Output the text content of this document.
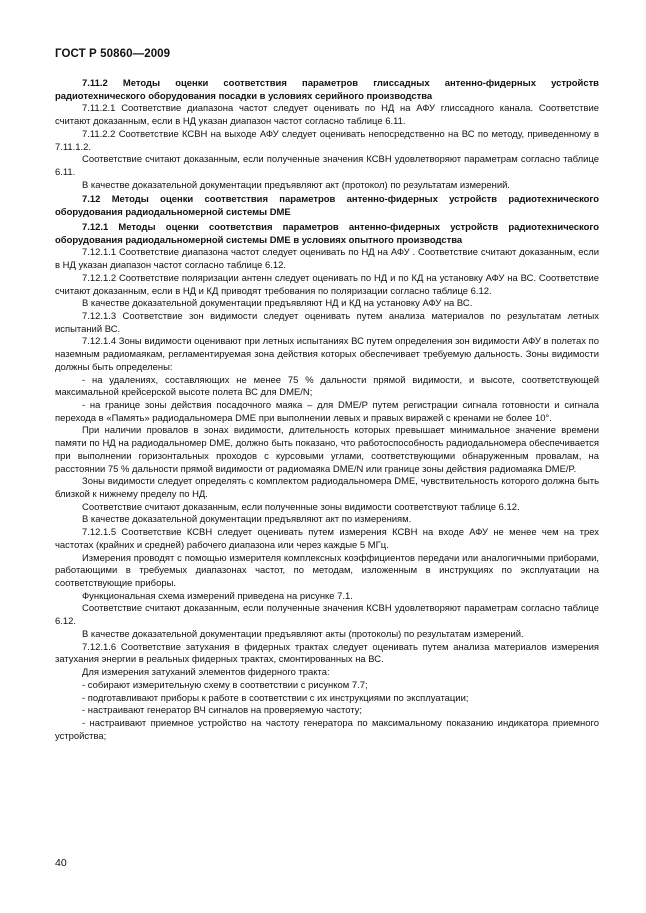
ГОСТ Р 50860—2009

7.11.2 Методы оценки соответствия параметров глиссадных антенно-фидерных устройств радиотехнического оборудования посадки в условиях серийного производства

7.11.2.1 Соответствие диапазона частот следует оценивать по НД на АФУ глиссадного канала. Соответствие считают доказанным, если в НД указан диапазон частот согласно таблице 6.11.

7.11.2.2 Соответствие КСВН на выходе АФУ следует оценивать непосредственно на ВС по методу, приведенному в 7.11.1.2.

Соответствие считают доказанным, если полученные значения КСВН удовлетворяют параметрам согласно таблице 6.11.

В качестве доказательной документации предъявляют акт (протокол) по результатам измерений.

7.12 Методы оценки соответствия параметров антенно-фидерных устройств радиотехнического оборудования радиодальномерной системы DME

7.12.1 Методы оценки соответствия параметров антенно-фидерных устройств радиотехнического оборудования радиодальномерной системы DME в условиях опытного производства

7.12.1.1 Соответствие диапазона частот следует оценивать по НД на АФУ . Соответствие считают доказанным, если в НД указан диапазон частот согласно таблице 6.12.

7.12.1.2 Соответствие поляризации антенн следует оценивать по НД и по КД на установку АФУ на ВС. Соответствие считают доказанным, если в НД и КД приводят требования по поляризации согласно таблице 6.12.

В качестве доказательной документации предъявляют НД и КД на установку АФУ на ВС.

7.12.1.3 Соответствие зон видимости следует оценивать путем анализа материалов по результатам летных испытаний ВС.

7.12.1.4 Зоны видимости оценивают при летных испытаниях ВС путем определения зон видимости АФУ в полетах по наземным радиомаякам, регламентируемая зона действия которых обеспечивает требуемую дальность. Зоны видимости должны быть определены:

- на удалениях, составляющих не менее 75 % дальности прямой видимости, и высоте, соответствующей максимальной крейсерской высоте полета ВС для DME/N;

- на границе зоны действия посадочного маяка – для DME/P путем регистрации сигнала готовности и сигнала перехода в «Память» радиодальномера DME при выполнении левых и правых виражей с кренами не более 10°.

При наличии провалов в зонах видимости, длительность которых превышает минимальное значение времени памяти по НД на радиодальномер DME, должно быть показано, что работоспособность радиодальномера обеспечивается при выполнении горизонтальных проходов с курсовыми углами, соответствующими обнаруженным провалам, на расстоянии 75 % дальности прямой видимости от радиомаяка DME/N или границе зоны действия радиомаяка DME/P.

Зоны видимости следует определять с комплектом радиодальномера DME, чувствительность которого должна быть близкой к нижнему пределу по НД.

Соответствие считают доказанным, если полученные зоны видимости соответствуют таблице 6.12.

В качестве доказательной документации предъявляют акт по измерениям.

7.12.1.5 Соответствие КСВН следует оценивать путем измерения КСВН на входе АФУ не менее чем на трех частотах (крайних и средней) рабочего диапазона или через каждые 5 МГц.

Измерения проводят с помощью измерителя комплексных коэффициентов передачи или аналогичными приборами, работающими в требуемых диапазонах частот, по методам, изложенным в инструкциях по эксплуатации на соответствующие приборы.

Функциональная схема измерений приведена на рисунке 7.1.

Соответствие считают доказанным, если полученные значения КСВН удовлетворяют параметрам согласно таблице 6.12.

В качестве доказательной документации предъявляют акты (протоколы) по результатам измерений.

7.12.1.6 Соответствие затухания в фидерных трактах следует оценивать путем анализа материалов измерения затухания энергии в реальных фидерных трактах, смонтированных на ВС.

Для измерения затуханий элементов фидерного тракта:

- собирают измерительную схему в соответствии с рисунком 7.7;

- подготавливают приборы к работе в соответствии с их инструкциями по эксплуатации;

- настраивают генератор ВЧ сигналов на проверяемую частоту;

- настраивают приемное устройство на частоту генератора по максимальному показанию индикатора приемного устройства;

40
